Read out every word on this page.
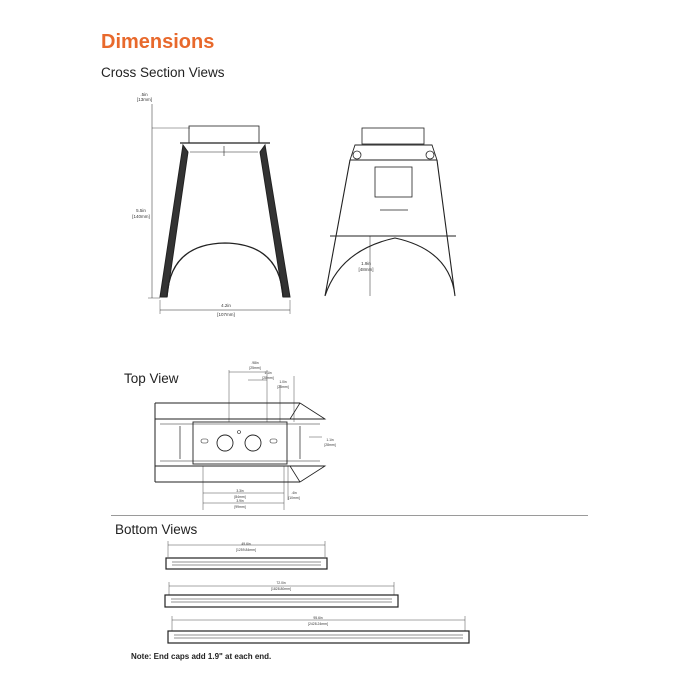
Dimensions
Cross Section Views
Top View
Bottom Views
Note: End caps add 1.9" at each end.
.5in
[13mm]
5.5in
[140mm]
4.2in
[107mm]
1.9in
[48mm]
.98in
[25mm]
1.1in
[28mm]
1.0in
[25mm]
1.1in
[28mm]
3.3in
[84mm]
3.9in
[99mm]
.4in
[10mm]
49.6in
[1259.84mm]
72.0in
[1828.80mm]
95.6in
[2428.24mm]
